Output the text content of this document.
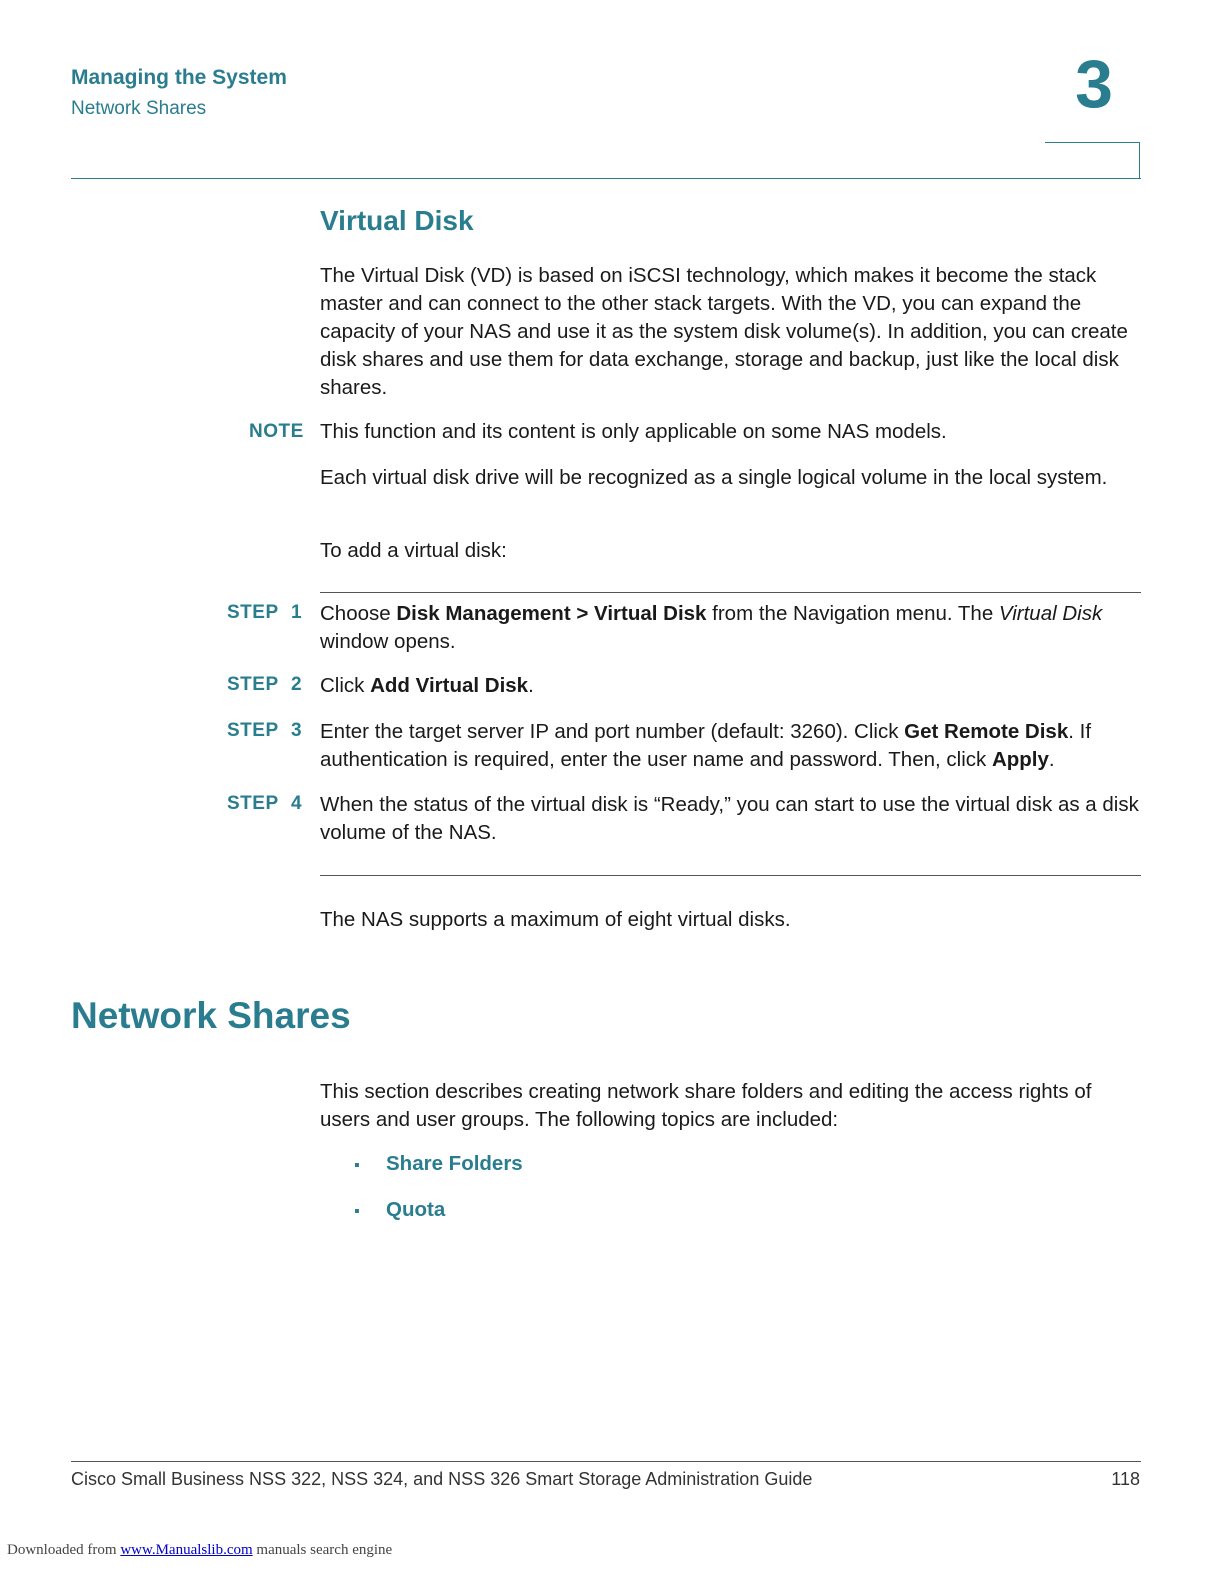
Managing the System
Network Shares	3
Virtual Disk
The Virtual Disk (VD) is based on iSCSI technology, which makes it become the stack master and can connect to the other stack targets. With the VD, you can expand the capacity of your NAS and use it as the system disk volume(s). In addition, you can create disk shares and use them for data exchange, storage and backup, just like the local disk shares.
NOTE This function and its content is only applicable on some NAS models.
Each virtual disk drive will be recognized as a single logical volume in the local system.
To add a virtual disk:
STEP 1 Choose Disk Management > Virtual Disk from the Navigation menu. The Virtual Disk window opens.
STEP 2 Click Add Virtual Disk.
STEP 3 Enter the target server IP and port number (default: 3260). Click Get Remote Disk. If authentication is required, enter the user name and password. Then, click Apply.
STEP 4 When the status of the virtual disk is “Ready,” you can start to use the virtual disk as a disk volume of the NAS.
The NAS supports a maximum of eight virtual disks.
Network Shares
This section describes creating network share folders and editing the access rights of users and user groups. The following topics are included:
▪ Share Folders
▪ Quota
Cisco Small Business NSS 322, NSS 324, and NSS 326 Smart Storage Administration Guide	118
Downloaded from www.Manualslib.com manuals search engine
